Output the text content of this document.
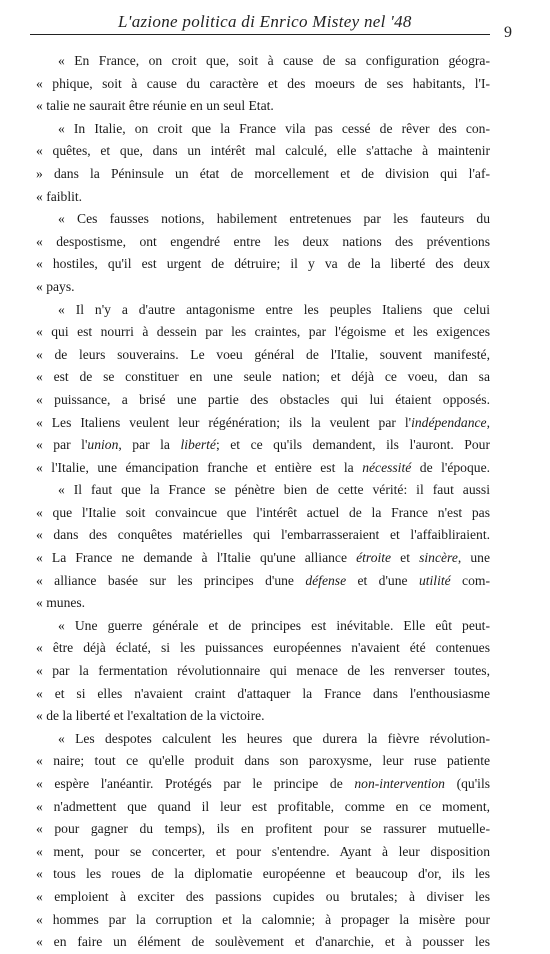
L'azione politica di Enrico Mistey nel '48
9
« En France, on croit que, soit à cause de sa configuration géogra-
« phique, soit à cause du caractère et des moeurs de ses habitants, l'I-
« talie ne saurait être réunie en un seul Etat.
« In Italie, on croit que la France vila pas cessé de rêver des con-
« quêtes, et que, dans un intérêt mal calculé, elle s'attache à maintenir
» dans la Péninsule un état de morcellement et de division qui l'af-
« faiblit.
« Ces fausses notions, habilement entretenues par les fauteurs du
« despostisme, ont engendré entre les deux nations des préventions
« hostiles, qu'il est urgent de détruire; il y va de la liberté des deux
« pays.
« Il n'y a d'autre antagonisme entre les peuples Italiens que celui
« qui est nourri à dessein par les craintes, par l'égoisme et les exigences
« de leurs souverains. Le voeu général de l'Italie, souvent manifesté,
« est de se constituer en une seule nation; et déjà ce voeu, dan sa
« puissance, a brisé une partie des obstacles qui lui étaient opposés.
« Les Italiens veulent leur régénération; ils la veulent par l'indépendance,
« par l'union, par la liberté; et ce qu'ils demandent, ils l'auront. Pour
« l'Italie, une émancipation franche et entière est la nécessité de l'époque.
« Il faut que la France se pénètre bien de cette vérité: il faut aussi
« que l'Italie soit convaincue que l'intérêt actuel de la France n'est pas
« dans des conquêtes matérielles qui l'embarrasseraient et l'affaibliraient.
« La France ne demande à l'Italie qu'une alliance étroite et sincère, une
« alliance basée sur les principes d'une défense et d'une utilité com-
« munes.
« Une guerre générale et de principes est inévitable. Elle eût peut-
« être déjà éclaté, si les puissances européennes n'avaient été contenues
« par la fermentation révolutionnaire qui menace de les renverser toutes,
« et si elles n'avaient craint d'attaquer la France dans l'enthousiasme
« de la liberté et l'exaltation de la victoire.
« Les despotes calculent les heures que durera la fièvre révolution-
« naire; tout ce qu'elle produit dans son paroxysme, leur ruse patiente
« espère l'anéantir. Protégés par le principe de non-intervention (qu'ils
« n'admettent que quand il leur est profitable, comme en ce moment,
« pour gagner du temps), ils en profitent pour se rassurer mutuelle-
« ment, pour se concerter, et pour s'entendre. Ayant à leur disposition
« tous les roues de la diplomatie européenne et beaucoup d'or, ils les
« emploient à exciter des passions cupides ou brutales; à diviser les
« hommes par la corruption et la calomnie; à propager la misère pour
« en faire un élément de soulèvement et d'anarchie, et à pousser les
